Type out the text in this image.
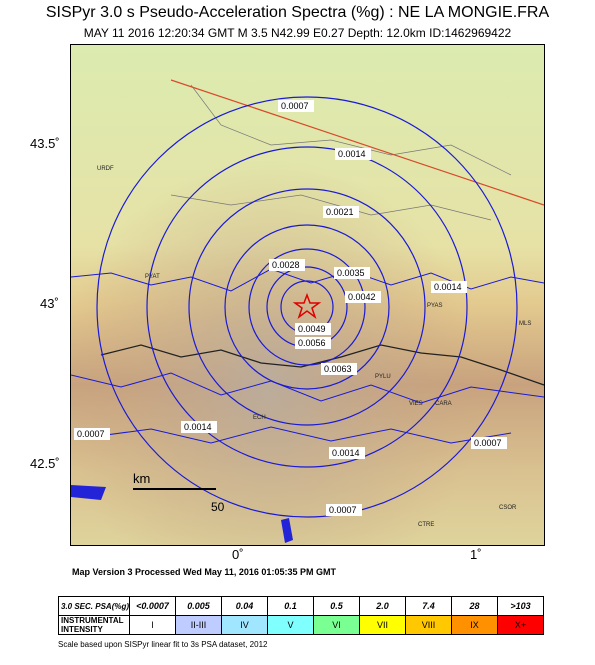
SISPyr 3.0 s Pseudo-Acceleration Spectra (%g) : NE LA MONGIE.FRA
MAY 11 2016 12:20:34 GMT M 3.5 N42.99 E0.27 Depth: 12.0km ID:1462969422
43.5˚
43˚
42.5˚
0˚	1˚
0.0007
0.0014
0.0021
0.0028
0.0035
0.0042
0.0049
0.0056
0.0063
0.0014
0.0007
0.0007
0.0014
0.0014
0.0007
URDF
PYAT
PYAS
MLS
PYLU
VIES CARA
CTRE
CSOR
ECH
km
50
Map Version 3 Processed Wed May 11, 2016 01:05:35 PM GMT
3.0 SEC. PSA(%g)	<0.0007	0.005	0.04	0.1	0.5	2.0	7.4	28	>103
INSTRUMENTAL INTENSITY	I	II-III	IV	V	VI	VII	VIII	IX	X+
Scale based upon SISPyr linear fit to 3s PSA dataset, 2012
